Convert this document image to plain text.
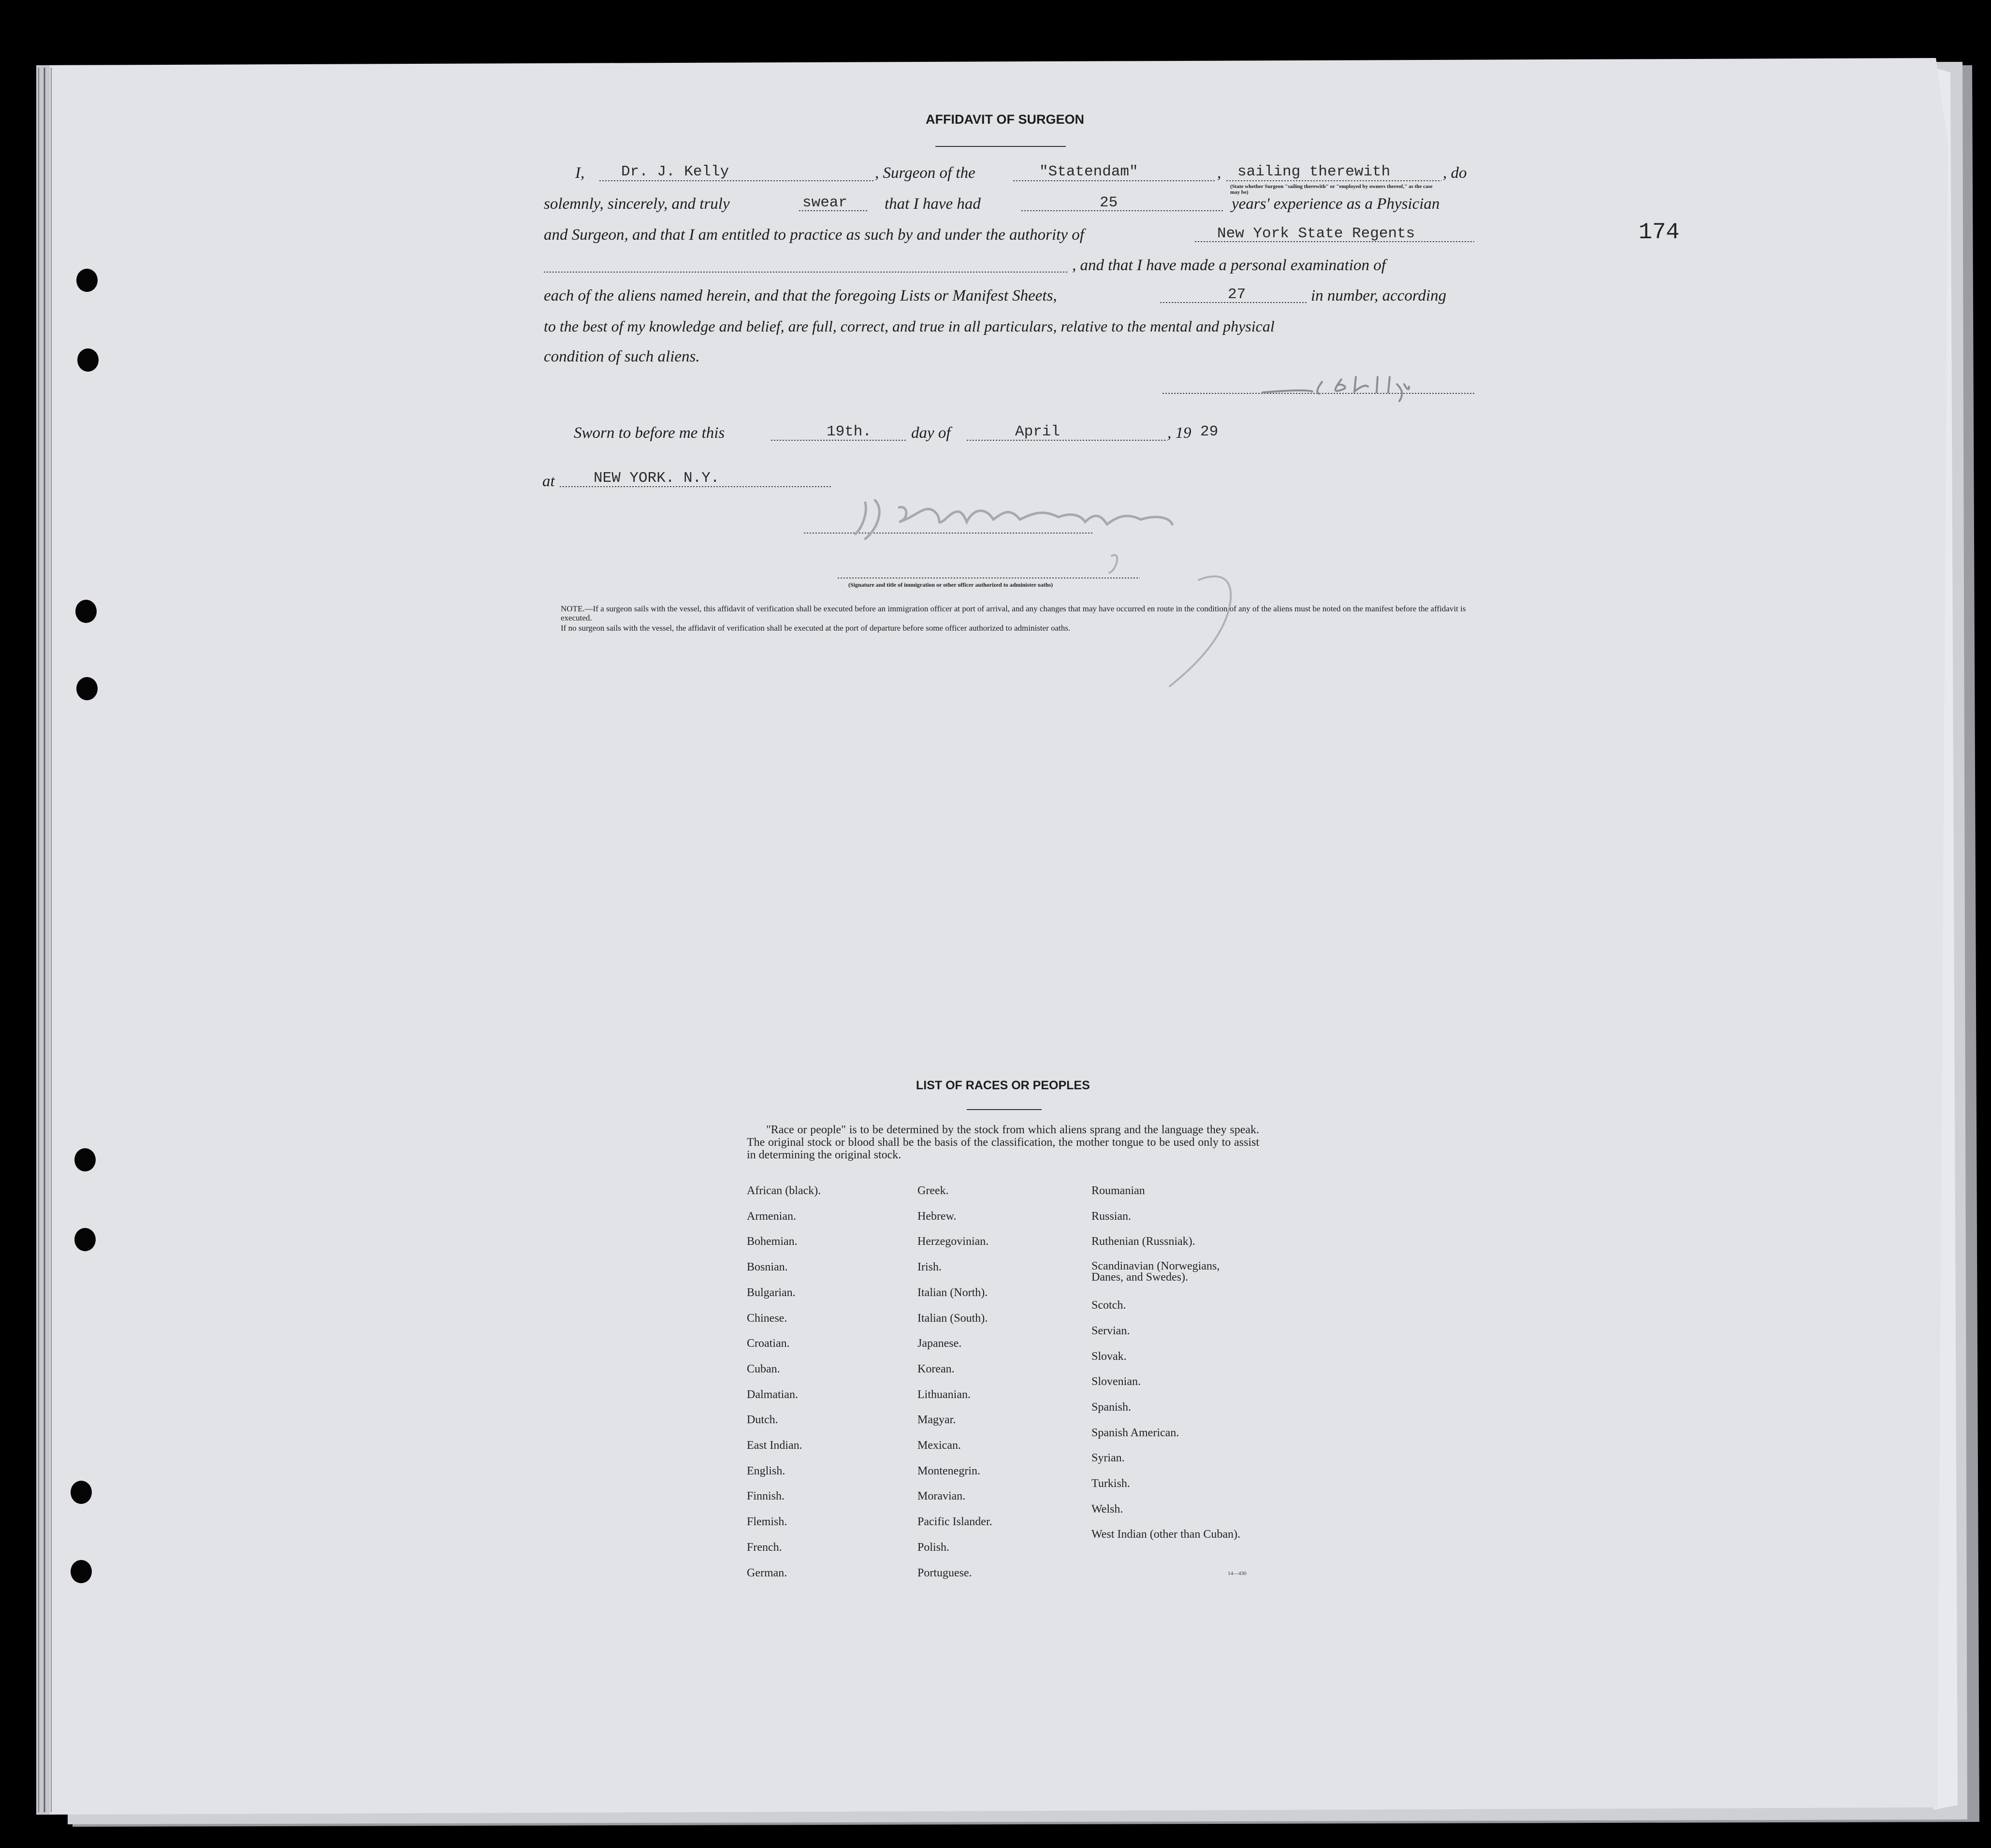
174
AFFIDAVIT OF SURGEON
I, Dr. J. Kelly	, Surgeon of the	"Statendam"	, sailing therewith	, do
(State whether Surgeon "sailing therewith" or "employed by owners thereof," as the case may be)
solemnly, sincerely, and truly	swear that I have had	25	years' experience as a Physician
and Surgeon, and that I am entitled to practice as such by and under the authority of	New York State Regents
, and that I have made a personal examination of
each of the aliens named herein, and that the foregoing Lists or Manifest Sheets,	27	in number, according
to the best of my knowledge and belief, are full, correct, and true in all particulars, relative to the mental and physical
condition of such aliens.
Sworn to before me this	19th. day of	April	, 19 29
at	NEW YORK. N.Y.
(Signature and title of immigration or other officer authorized to administer oaths)
NOTE.—If a surgeon sails with the vessel, this affidavit of verification shall be executed before an immigration officer at port of arrival, and any changes that may have occurred en route in the condition of any of the aliens must be noted on the manifest before the affidavit is executed.
If no surgeon sails with the vessel, the affidavit of verification shall be executed at the port of departure before some officer authorized to administer oaths.
LIST OF RACES OR PEOPLES
"Race or people" is to be determined by the stock from which aliens sprang and the language they speak. The original stock or blood shall be the basis of the classification, the mother tongue to be used only to assist in determining the original stock.
African (black).
Armenian.
Bohemian.
Bosnian.
Bulgarian.
Chinese.
Croatian.
Cuban.
Dalmatian.
Dutch.
East Indian.
English.
Finnish.
Flemish.
French.
German.
Greek.
Hebrew.
Herzegovinian.
Irish.
Italian (North).
Italian (South).
Japanese.
Korean.
Lithuanian.
Magyar.
Mexican.
Montenegrin.
Moravian.
Pacific Islander.
Polish.
Portuguese.
Roumanian
Russian.
Ruthenian (Russniak).
Scandinavian (Norwegians, Danes, and Swedes).
Scotch.
Servian.
Slovak.
Slovenian.
Spanish.
Spanish American.
Syrian.
Turkish.
Welsh.
West Indian (other than Cuban).
14—430
